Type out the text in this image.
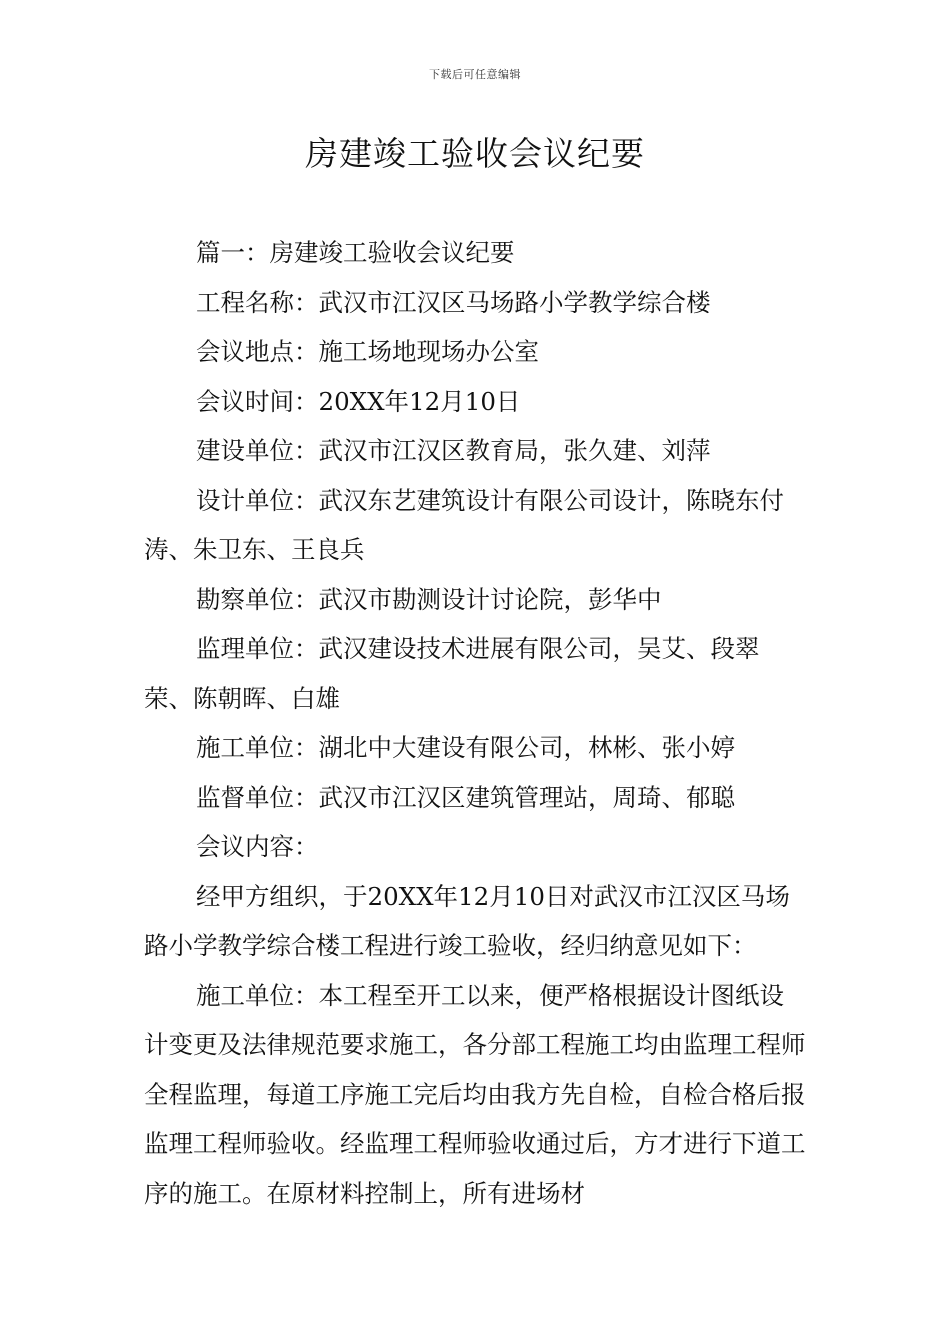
下载后可任意编辑
房建竣工验收会议纪要

篇一：房建竣工验收会议纪要

工程名称：武汉市江汉区马场路小学教学综合楼

会议地点：施工场地现场办公室

会议时间：20XX年12月10日

建设单位：武汉市江汉区教育局，张久建、刘萍

设计单位：武汉东艺建筑设计有限公司设计，陈晓东付涛、朱卫东、王良兵

勘察单位：武汉市勘测设计讨论院，彭华中

监理单位：武汉建设技术进展有限公司，吴艾、段翠荣、陈朝晖、白雄

施工单位：湖北中大建设有限公司，林彬、张小婷

监督单位：武汉市江汉区建筑管理站，周琦、郁聪

会议内容：

经甲方组织，于20XX年12月10日对武汉市江汉区马场路小学教学综合楼工程进行竣工验收，经归纳意见如下：

施工单位：本工程至开工以来，便严格根据设计图纸设计变更及法律规范要求施工，各分部工程施工均由监理工程师全程监理，每道工序施工完后均由我方先自检，自检合格后报监理工程师验收。经监理工程师验收通过后，方才进行下道工序的施工。在原材料控制上，所有进场材
